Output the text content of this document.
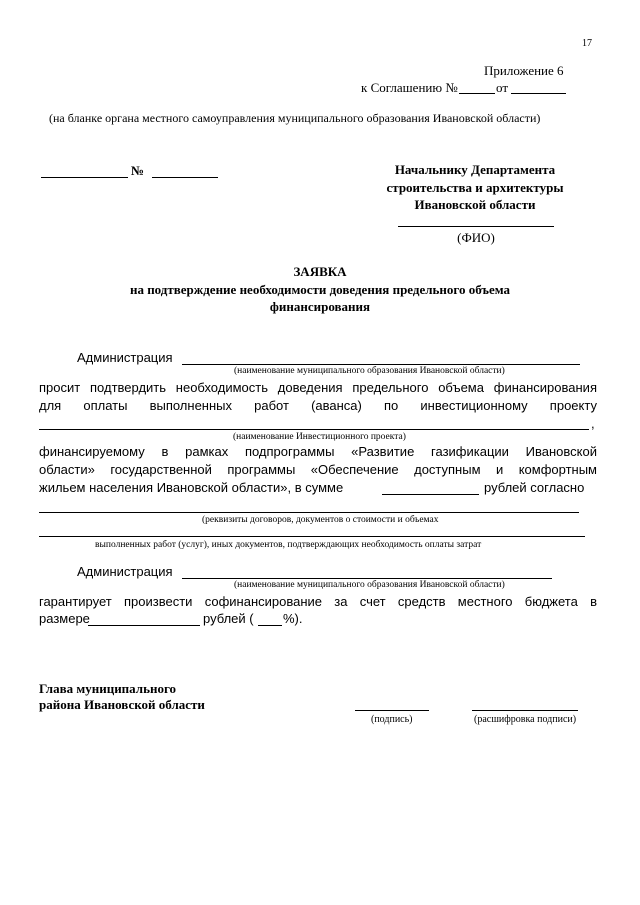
17
Приложение 6
к Соглашению №	от
(на бланке органа местного самоуправления муниципального образования Ивановской области)
№	Начальнику Департамента
строительства и архитектуры
Ивановской области
(ФИО)
ЗАЯВКА
на подтверждение необходимости доведения предельного объема
финансирования
Администрация
(наименование муниципального образования Ивановской области)
просит подтвердить необходимость доведения предельного объема финансирования
для оплаты выполненных работ (аванса) по инвестиционному проекту
,
(наименование Инвестиционного проекта)
финансируемому в рамках подпрограммы «Развитие газификации Ивановской
области» государственной программы «Обеспечение доступным и комфортным
жильем населения Ивановской области», в сумме	рублей согласно
(реквизиты договоров, документов о стоимости и объемах
выполненных работ (услуг), иных документов, подтверждающих необходимость оплаты затрат
Администрация
(наименование муниципального образования Ивановской области)
гарантирует произвести софинансирование за счет средств местного бюджета в
размере	рублей ( %).
Глава муниципального
района Ивановской области
(подпись)	(расшифровка подписи)
